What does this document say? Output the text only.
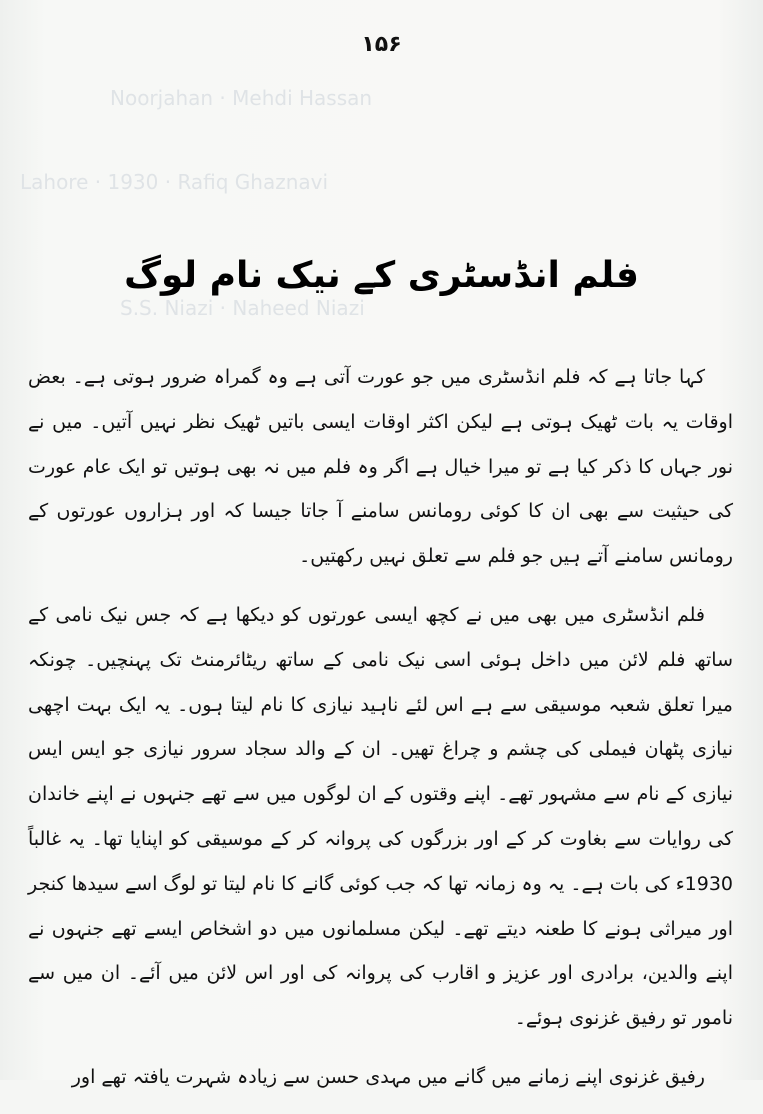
Noorjahan · Mehdi Hassan
Lahore · 1930 · Rafiq Ghaznavi
S.S. Niazi · Naheed Niazi
۱۵۶
فلم انڈسٹری کے نیک نام لوگ

کہا جاتا ہے کہ فلم انڈسٹری میں جو عورت آتی ہے وہ گمراہ ضرور ہوتی ہے۔ بعض اوقات یہ بات ٹھیک ہوتی ہے لیکن اکثر اوقات ایسی باتیں ٹھیک نظر نہیں آتیں۔ میں نے نور جہاں کا ذکر کیا ہے تو میرا خیال ہے اگر وہ فلم میں نہ بھی ہوتیں تو ایک عام عورت کی حیثیت سے بھی ان کا کوئی رومانس سامنے آ جاتا جیسا کہ اور ہزاروں عورتوں کے رومانس سامنے آتے ہیں جو فلم سے تعلق نہیں رکھتیں۔

فلم انڈسٹری میں بھی میں نے کچھ ایسی عورتوں کو دیکھا ہے کہ جس نیک نامی کے ساتھ فلم لائن میں داخل ہوئی اسی نیک نامی کے ساتھ ریٹائرمنٹ تک پہنچیں۔ چونکہ میرا تعلق شعبہ موسیقی سے ہے اس لئے ناہید نیازی کا نام لیتا ہوں۔ یہ ایک بہت اچھی نیازی پٹھان فیملی کی چشم و چراغ تھیں۔ ان کے والد سجاد سرور نیازی جو ایس ایس نیازی کے نام سے مشہور تھے۔ اپنے وقتوں کے ان لوگوں میں سے تھے جنہوں نے اپنے خاندان کی روایات سے بغاوت کر کے اور بزرگوں کی پروانہ کر کے موسیقی کو اپنایا تھا۔ یہ غالباً 1930ء کی بات ہے۔ یہ وہ زمانہ تھا کہ جب کوئی گانے کا نام لیتا تو لوگ اسے سیدھا کنجر اور میراثی ہونے کا طعنہ دیتے تھے۔ لیکن مسلمانوں میں دو اشخاص ایسے تھے جنہوں نے اپنے والدین، برادری اور عزیز و اقارب کی پروانہ کی اور اس لائن میں آئے۔ ان میں سے نامور تو رفیق غزنوی ہوئے۔

رفیق غزنوی اپنے زمانے میں گانے میں مہدی حسن سے زیادہ شہرت یافتہ تھے اور
